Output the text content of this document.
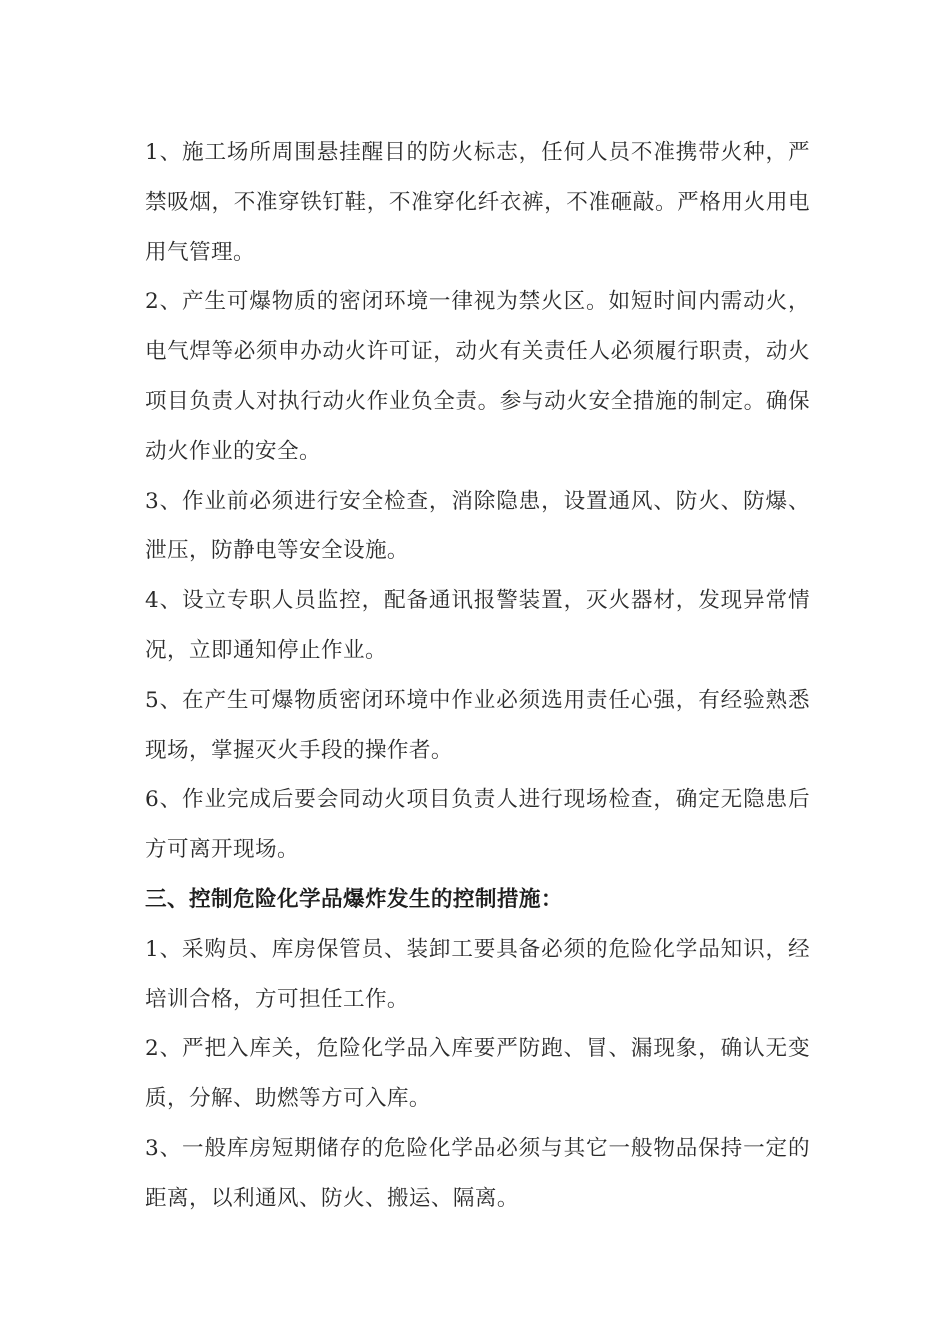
1、施工场所周围悬挂醒目的防火标志，任何人员不准携带火种，严禁吸烟，不准穿铁钉鞋，不准穿化纤衣裤，不准砸敲。严格用火用电用气管理。

2、产生可爆物质的密闭环境一律视为禁火区。如短时间内需动火，电气焊等必须申办动火许可证，动火有关责任人必须履行职责，动火项目负责人对执行动火作业负全责。参与动火安全措施的制定。确保动火作业的安全。

3、作业前必须进行安全检查，消除隐患，设置通风、防火、防爆、泄压，防静电等安全设施。

4、设立专职人员监控，配备通讯报警装置，灭火器材，发现异常情况，立即通知停止作业。

5、在产生可爆物质密闭环境中作业必须选用责任心强，有经验熟悉现场，掌握灭火手段的操作者。

6、作业完成后要会同动火项目负责人进行现场检查，确定无隐患后方可离开现场。

三、控制危险化学品爆炸发生的控制措施：

1、采购员、库房保管员、装卸工要具备必须的危险化学品知识，经培训合格，方可担任工作。

2、严把入库关，危险化学品入库要严防跑、冒、漏现象，确认无变质，分解、助燃等方可入库。

3、一般库房短期储存的危险化学品必须与其它一般物品保持一定的距离，以利通风、防火、搬运、隔离。
